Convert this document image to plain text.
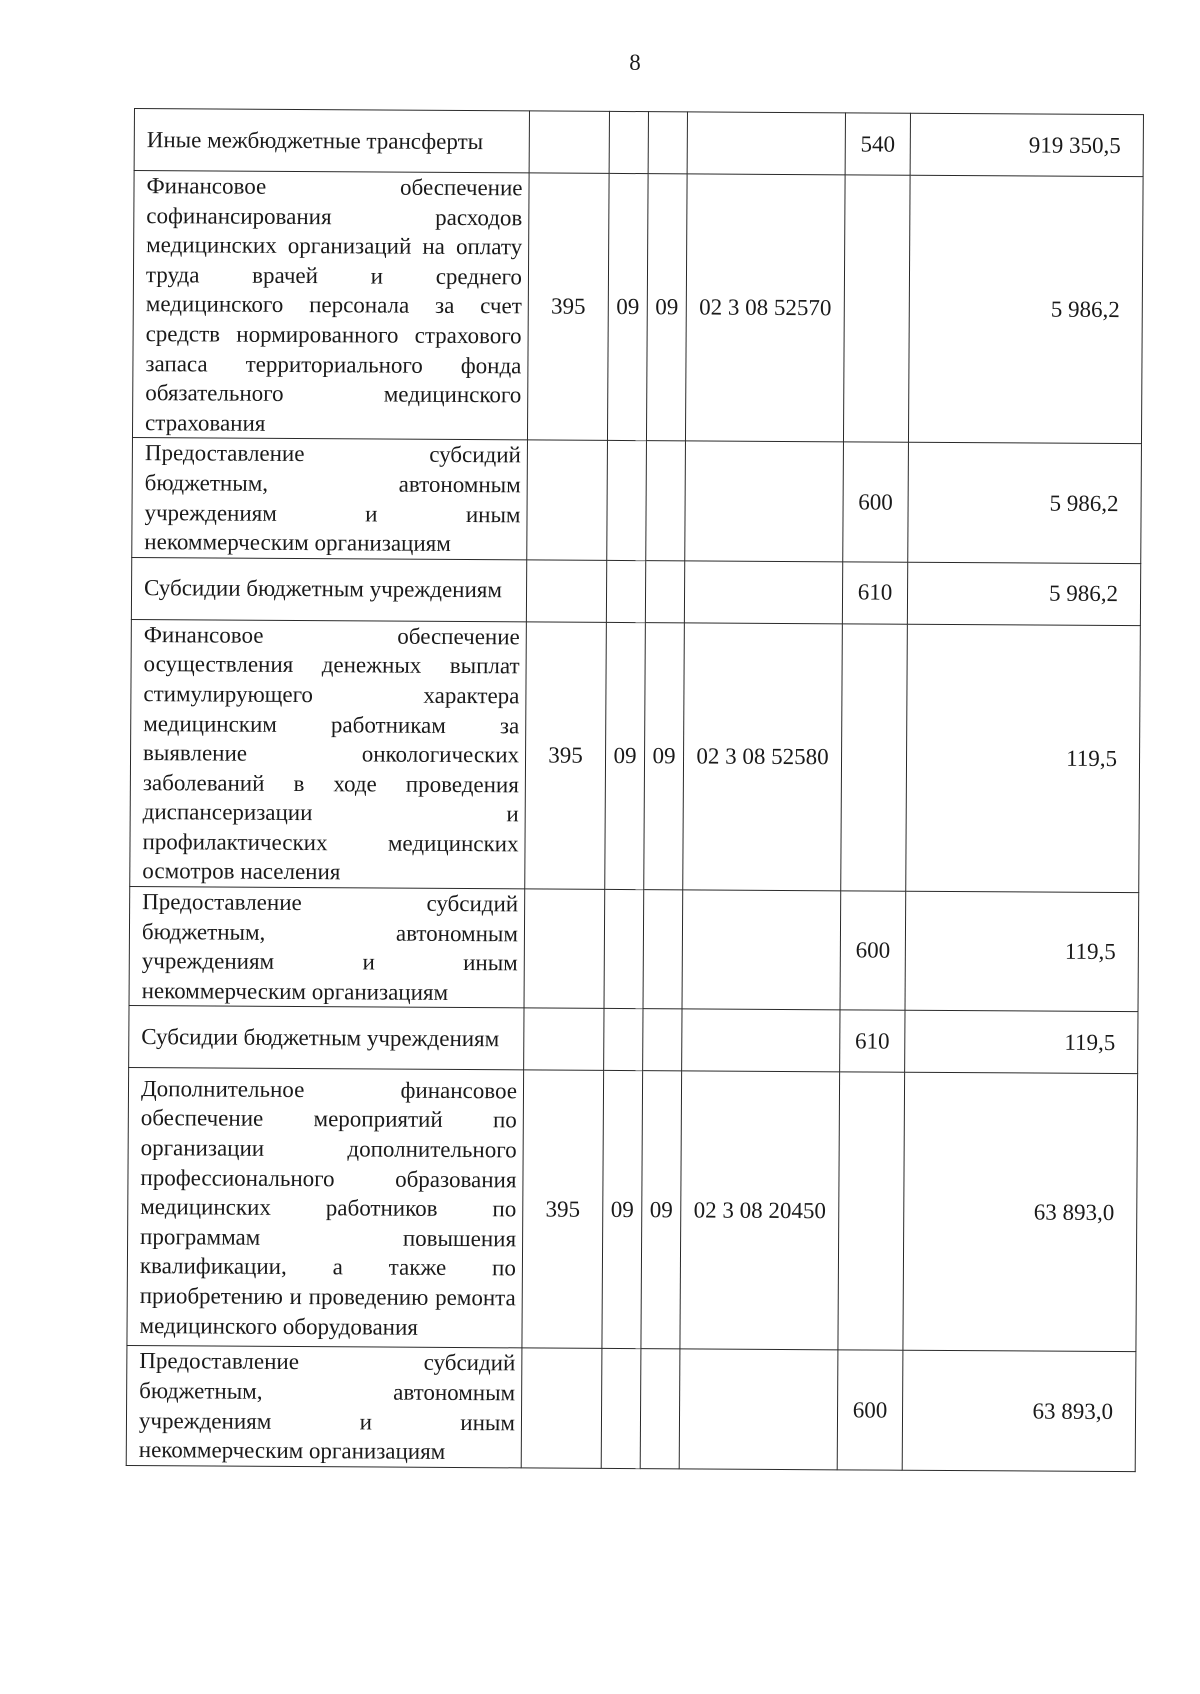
8
Иные межбюджетные трансферты					540	919 350,5
Финансовое обеспечение софинансирования расходов медицинских организаций на оплату труда врачей и среднего медицинского персонала за счет средств нормированного страхового запаса территориального фонда обязательного медицинского страхования	395	09	09	02 3 08 52570		5 986,2
Предоставление субсидий бюджетным, автономным учреждениям и иным некоммерческим организациям					600	5 986,2
Субсидии бюджетным учреждениям					610	5 986,2
Финансовое обеспечение осуществления денежных выплат стимулирующего характера медицинским работникам за выявление онкологических заболеваний в ходе проведения диспансеризации и профилактических медицинских осмотров населения	395	09	09	02 3 08 52580		119,5
Предоставление субсидий бюджетным, автономным учреждениям и иным некоммерческим организациям					600	119,5
Субсидии бюджетным учреждениям					610	119,5
Дополнительное финансовое обеспечение мероприятий по организации дополнительного профессионального образования медицинских работников по программам повышения квалификации, а также по приобретению и проведению ремонта медицинского оборудования	395	09	09	02 3 08 20450		63 893,0
Предоставление субсидий бюджетным, автономным учреждениям и иным некоммерческим организациям					600	63 893,0
